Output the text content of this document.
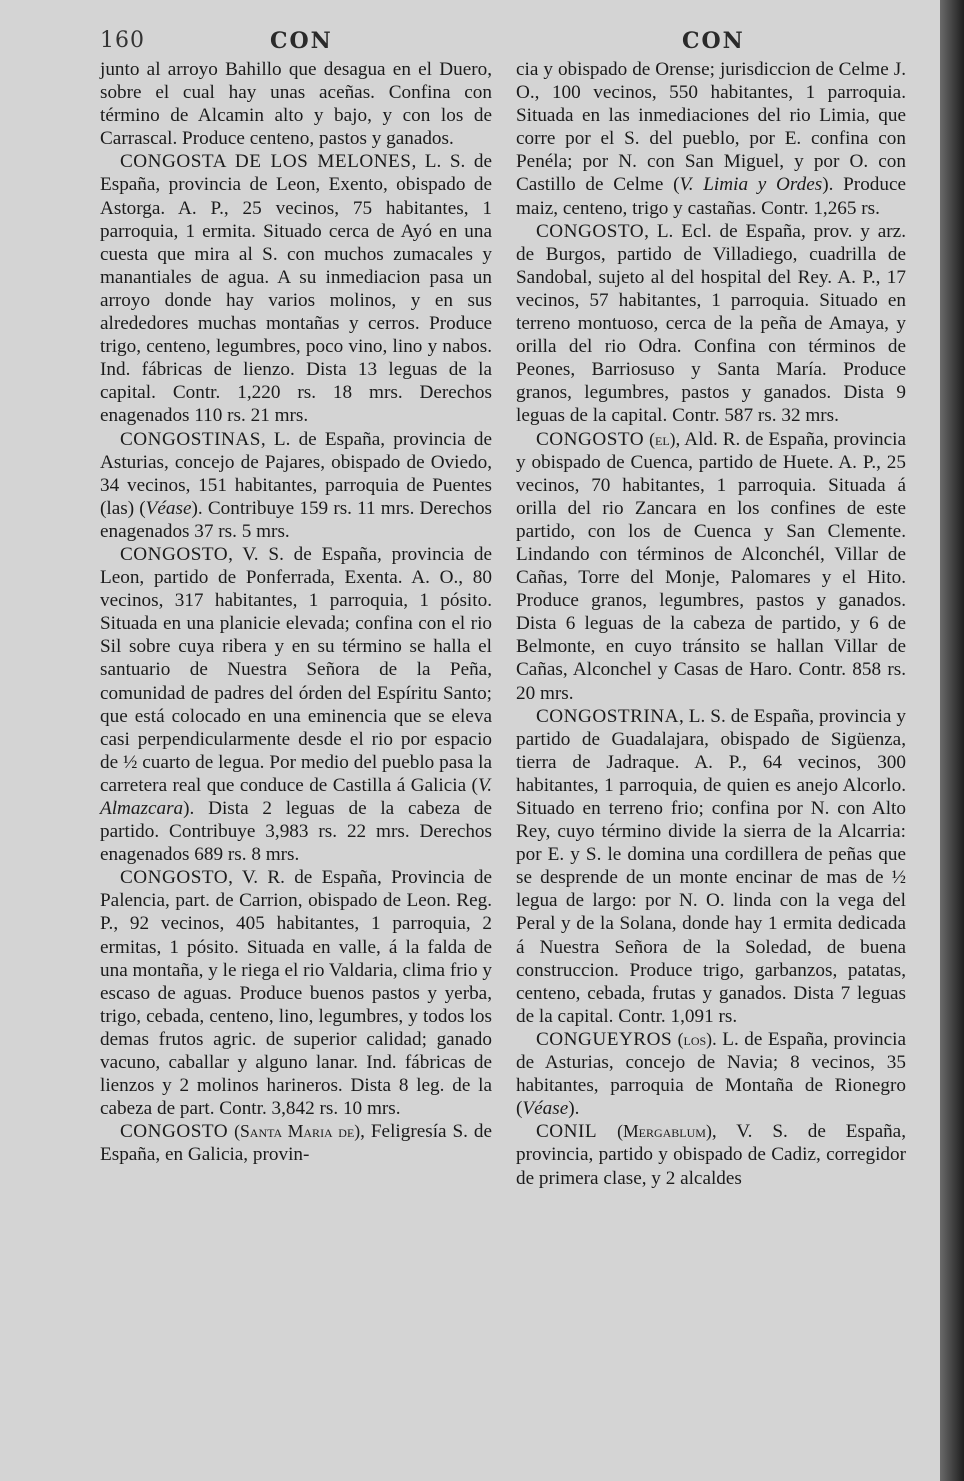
160	CON	CON

junto al arroyo Bahillo que desagua en el Duero, sobre el cual hay unas aceñas. Confina con término de Alcamin alto y bajo, y con los de Carrascal. Produce centeno, pastos y ganados.

CONGOSTA DE LOS MELONES, L. S. de España, provincia de Leon, Exento, obispado de Astorga. A. P., 25 vecinos, 75 habitantes, 1 parroquia, 1 ermita. Situado cerca de Ayó en una cuesta que mira al S. con muchos zumacales y manantiales de agua. A su inmediacion pasa un arroyo donde hay varios molinos, y en sus alrededores muchas montañas y cerros. Produce trigo, centeno, legumbres, poco vino, lino y nabos. Ind. fábricas de lienzo. Dista 13 leguas de la capital. Contr. 1,220 rs. 18 mrs. Derechos enagenados 110 rs. 21 mrs.

CONGOSTINAS, L. de España, provincia de Asturias, concejo de Pajares, obispado de Oviedo, 34 vecinos, 151 habitantes, parroquia de Puentes (las) (Véase). Contribuye 159 rs. 11 mrs. Derechos enagenados 37 rs. 5 mrs.

CONGOSTO, V. S. de España, provincia de Leon, partido de Ponferrada, Exenta. A. O., 80 vecinos, 317 habitantes, 1 parroquia, 1 pósito. Situada en una planicie elevada; confina con el rio Sil sobre cuya ribera y en su término se halla el santuario de Nuestra Señora de la Peña, comunidad de padres del órden del Espíritu Santo; que está colocado en una eminencia que se eleva casi perpendicularmente desde el rio por espacio de ½ cuarto de legua. Por medio del pueblo pasa la carretera real que conduce de Castilla á Galicia (V. Almazcara). Dista 2 leguas de la cabeza de partido. Contribuye 3,983 rs. 22 mrs. Derechos enagenados 689 rs. 8 mrs.

CONGOSTO, V. R. de España, Provincia de Palencia, part. de Carrion, obispado de Leon. Reg. P., 92 vecinos, 405 habitantes, 1 parroquia, 2 ermitas, 1 pósito. Situada en valle, á la falda de una montaña, y le riega el rio Valdaria, clima frio y escaso de aguas. Produce buenos pastos y yerba, trigo, cebada, centeno, lino, legumbres, y todos los demas frutos agric. de superior calidad; ganado vacuno, caballar y alguno lanar. Ind. fábricas de lienzos y 2 molinos harineros. Dista 8 leg. de la cabeza de part. Contr. 3,842 rs. 10 mrs.

CONGOSTO (Santa Maria de), Feligresía S. de España, en Galicia, provin-

cia y obispado de Orense; jurisdiccion de Celme J. O., 100 vecinos, 550 habitantes, 1 parroquia. Situada en las inmediaciones del rio Limia, que corre por el S. del pueblo, por E. confina con Penéla; por N. con San Miguel, y por O. con Castillo de Celme (V. Limia y Ordes). Produce maiz, centeno, trigo y castañas. Contr. 1,265 rs.

CONGOSTO, L. Ecl. de España, prov. y arz. de Burgos, partido de Villadiego, cuadrilla de Sandobal, sujeto al del hospital del Rey. A. P., 17 vecinos, 57 habitantes, 1 parroquia. Situado en terreno montuoso, cerca de la peña de Amaya, y orilla del rio Odra. Confina con términos de Peones, Barriosuso y Santa María. Produce granos, legumbres, pastos y ganados. Dista 9 leguas de la capital. Contr. 587 rs. 32 mrs.

CONGOSTO (el), Ald. R. de España, provincia y obispado de Cuenca, partido de Huete. A. P., 25 vecinos, 70 habitantes, 1 parroquia. Situada á orilla del rio Zancara en los confines de este partido, con los de Cuenca y San Clemente. Lindando con términos de Alconchél, Villar de Cañas, Torre del Monje, Palomares y el Hito. Produce granos, legumbres, pastos y ganados. Dista 6 leguas de la cabeza de partido, y 6 de Belmonte, en cuyo tránsito se hallan Villar de Cañas, Alconchel y Casas de Haro. Contr. 858 rs. 20 mrs.

CONGOSTRINA, L. S. de España, provincia y partido de Guadalajara, obispado de Sigüenza, tierra de Jadraque. A. P., 64 vecinos, 300 habitantes, 1 parroquia, de quien es anejo Alcorlo. Situado en terreno frio; confina por N. con Alto Rey, cuyo término divide la sierra de la Alcarria: por E. y S. le domina una cordillera de peñas que se desprende de un monte encinar de mas de ½ legua de largo: por N. O. linda con la vega del Peral y de la Solana, donde hay 1 ermita dedicada á Nuestra Señora de la Soledad, de buena construccion. Produce trigo, garbanzos, patatas, centeno, cebada, frutas y ganados. Dista 7 leguas de la capital. Contr. 1,091 rs.

CONGUEYROS (los). L. de España, provincia de Asturias, concejo de Navia; 8 vecinos, 35 habitantes, parroquia de Montaña de Rionegro (Véase).

CONIL (Mergablum), V. S. de España, provincia, partido y obispado de Cadiz, corregidor de primera clase, y 2 alcaldes
